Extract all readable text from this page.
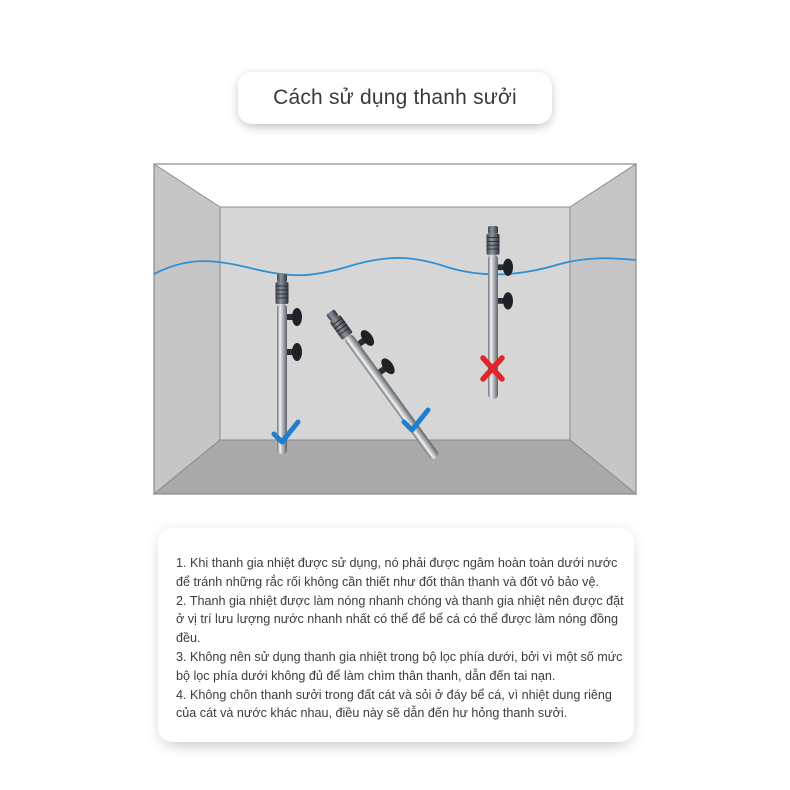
Cách sử dụng thanh sưởi
1. Khi thanh gia nhiệt được sử dụng, nó phải được ngâm hoàn toàn dưới nước để tránh những rắc rối không cần thiết như đốt thân thanh và đốt vỏ bảo vệ.
2. Thanh gia nhiệt được làm nóng nhanh chóng và thanh gia nhiệt nên được đặt ở vị trí lưu lượng nước nhanh nhất có thể để bể cá có thể được làm nóng đồng đều.
3. Không nên sử dụng thanh gia nhiệt trong bộ lọc phía dưới, bởi vì một số mức bộ lọc phía dưới không đủ để làm chìm thân thanh, dẫn đến tai nạn.
4. Không chôn thanh sưởi trong đất cát và sỏi ở đáy bể cá, vì nhiệt dung riêng của cát và nước khác nhau, điều này sẽ dẫn đến hư hỏng thanh sưởi.
